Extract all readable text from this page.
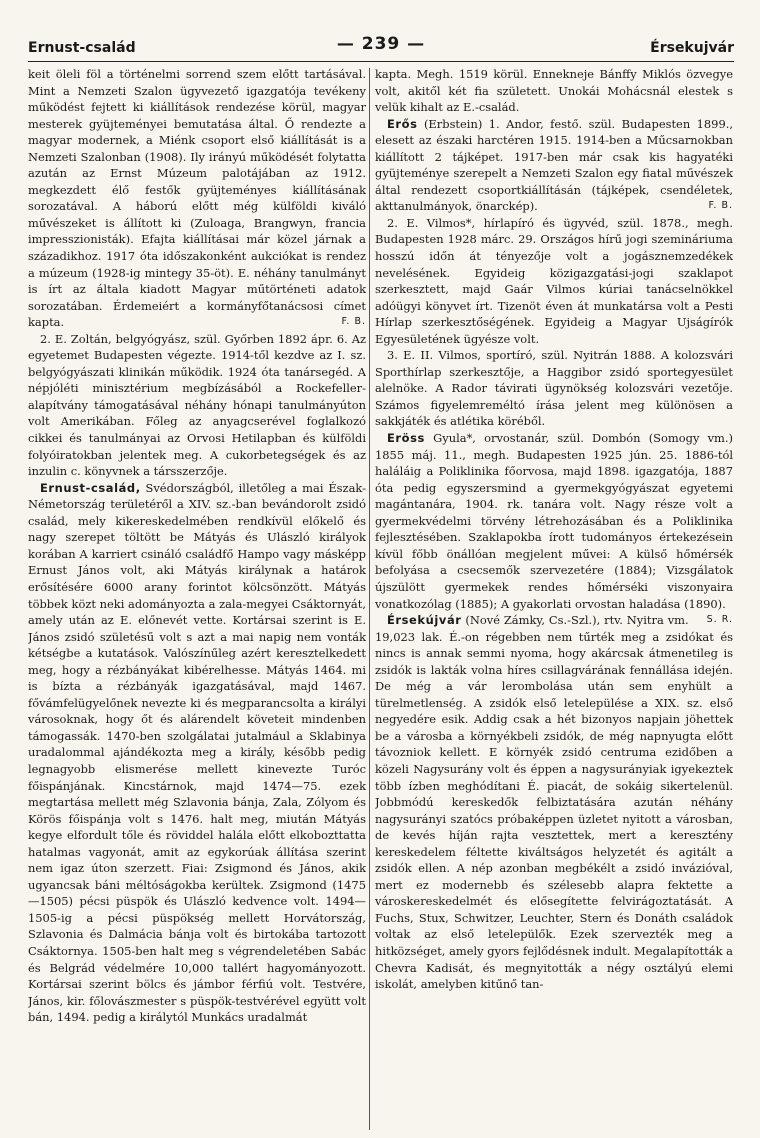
Ernust-család	— 239 —	Érsekujvár

keit öleli föl a történelmi sorrend szem előtt tartásával. Mint a Nemzeti Szalon ügyvezető igazgatója tevékeny működést fejtett ki kiállítások rendezése körül, magyar mesterek gyüjteményei bemutatása által. Ő rendezte a magyar modernek, a Miénk csoport első kiállítását is a Nemzeti Szalonban (1908). Ily irányú működését folytatta azután az Ernst Múzeum palotájában az 1912. megkezdett élő festők gyüjteményes kiállításának sorozatával. A háború előtt még külföldi kiváló művészeket is állított ki (Zuloaga, Brangwyn, francia impresszionisták). Efajta kiállításai már közel járnak a századikhoz. 1917 óta időszakonként aukciókat is rendez a múzeum (1928-ig mintegy 35-öt). E. néhány tanulmányt is írt az általa kiadott Magyar műtörténeti adatok sorozatában. Érdemeiért a kormányfőtanácsosi címet kapta.	F. B.

2. E. Zoltán, belgyógyász, szül. Győrben 1892 ápr. 6. Az egyetemet Budapesten végezte. 1914-től kezdve az I. sz. belgyógyászati klinikán működik. 1924 óta tanársegéd. A népjóléti minisztérium megbízásából a Rockefeller-alapítvány támogatásával néhány hónapi tanulmányúton volt Amerikában. Főleg az anyagcserével foglalkozó cikkei és tanulmányai az Orvosi Hetilapban és külföldi folyóiratokban jelentek meg. A cukorbetegségek és az inzulin c. könyvnek a társszerzője.

Ernust-család, Svédországból, illetőleg a mai Észak-Németország területéről a XIV. sz.-ban bevándorolt zsidó család, mely kikereskedelmében rendkívül előkelő és nagy szerepet töltött be Mátyás és Ulászló királyok korában A karriert csináló családfő Hampo vagy másképp Ernust János volt, aki Mátyás királynak a határok erősítésére 6000 arany forintot kölcsönzött. Mátyás többek közt neki adományozta a zala-megyei Csáktornyát, amely után az E. előnevét vette. Kortársai szerint is E. János zsidó születésű volt s azt a mai napig nem vonták kétségbe a kutatások. Valószínűleg azért keresztelkedett meg, hogy a rézbányákat kibérelhesse. Mátyás 1464. mi is bízta a rézbányák igazgatásával, majd 1467. fővámfelügyelőnek nevezte ki és megparancsolta a királyi városoknak, hogy őt és alárendelt követeit mindenben támogassák. 1470-ben szolgálatai jutalmául a Sklabinya uradalommal ajándékozta meg a király, később pedig legnagyobb elismerése mellett kinevezte Turóc főispánjának. Kincstárnok, majd 1474—75. ezek megtartása mellett még Szlavonia bánja, Zala, Zólyom és Körös főispánja volt s 1476. halt meg, miután Mátyás kegye elfordult tőle és röviddel halála előtt elkobozttatta hatalmas vagyonát, amit az egykorúak állítása szerint nem igaz úton szerzett. Fiai: Zsigmond és János, akik ugyancsak báni méltóságokba kerültek. Zsigmond (1475—1505) pécsi püspök és Ulászló kedvence volt. 1494—1505-ig a pécsi püspökség mellett Horvátország, Szlavonia és Dalmácia bánja volt és birtokába tartozott Csáktornya. 1505-ben halt meg s végrendeletében Sabác és Belgrád védelmére 10,000 tallért hagyományozott. Kortársai szerint bölcs és jámbor férfiú volt. Testvére, János, kir. főlovászmester s püspök-testvérével együtt volt bán, 1494. pedig a királytól Munkács uradalmát

kapta. Megh. 1519 körül. Enneknejе Bánffy Miklós özvegye volt, akitől két fia született. Unokái Mohácsnál elestek s velük kihalt az E.-család.

Erős (Erbstein) 1. Andor, festő. szül. Budapesten 1899., elesett az északi harctéren 1915. 1914-ben a Műcsarnokban kiállított 2 tájképet. 1917-ben már csak kis hagyatéki gyüjteménye szerepelt a Nemzeti Szalon egy fiatal művészek által rendezett csoportkiállításán (tájképek, csendéletek, akttanulmányok, önarckép).	F. B.

2. E. Vilmos*, hírlapíró és ügyvéd, szül. 1878., megh. Budapesten 1928 márc. 29. Országos hírű jogi szemináriuma hosszú időn át tényezője volt a jogásznemzedékek nevelésének. Egyideig közigazgatási-jogi szaklapot szerkesztett, majd Gaár Vilmos kúriai tanácselnökkel adóügyi könyvet írt. Tizenöt éven át munkatársa volt a Pesti Hírlap szerkesztőségének. Egyideig a Magyar Ujságírók Egyesületének ügyésze volt.

3. E. II. Vilmos, sportíró, szül. Nyitrán 1888. A kolozsvári Sporthírlap szerkesztője, a Haggibor zsidó sportegyesület alelnöke. A Rador távirati ügynökség kolozsvári vezetője. Számos figyelemreméltó írása jelent meg különösen a sakkjáték és atlétika köréből.

Eröss Gyula*, orvostanár, szül. Dombón (Somogy vm.) 1855 máj. 11., megh. Budapesten 1925 jún. 25. 1886-tól haláláig a Poliklinika főorvosa, majd 1898. igazgatója, 1887 óta pedig egyszersmind a gyermekgyógyászat egyetemi magántanára, 1904. rk. tanára volt. Nagy része volt a gyermekvédelmi törvény létrehozásában és a Poliklinika fejlesztésében. Szaklapokba írott tudományos értekezésein kívül főbb önállóan megjelent művei: A külső hőmérsék befolyása a csecsemők szervezetére (1884); Vizsgálatok újszülött gyermekek rendes hőmérséki viszonyaira vonatkozólag (1885); A gyakorlati orvostan haladása (1890).
S. R.

Érsekújvár (Nové Zámky, Cs.-Szl.), rtv. Nyitra vm. 19,023 lak. É.-on régebben nem tűrték meg a zsidókat és nincs is annak semmi nyoma, hogy akárcsak átmenetileg is zsidók is lakták volna híres csillagvárának fennállása idején. De még a vár lerombolása után sem enyhült a türelmetlenség. A zsidók első letelepülése a XIX. sz. első negyedére esik. Addig csak a hét bizonyos napjain jöhettek be a városba a környékbeli zsidók, de még napnyugta előtt távozniok kellett. E környék zsidó centruma ezidőben a közeli Nagysurány volt és éppen a nagysurányiak igyekeztek több ízben meghódítani É. piacát, de sokáig sikertelenül. Jobbmódú kereskedők felbiztatására azután néhány nagysurányi szatócs próbaképpen üzletet nyitott a városban, de kevés híján rajta vesztettek, mert a keresztény kereskedelem féltette kiváltságos helyzetét és agitált a zsidók ellen. A nép azonban megbékélt a zsidó invázióval, mert ez modernebb és szélesebb alapra fektette a városkereskedelmét és elősegítette felvirágoztatását. A Fuchs, Stux, Schwitzer, Leuchter, Stern és Donáth családok voltak az első letelepülők. Ezek szervezték meg a hitközséget, amely gyors fejlődésnek indult. Megalapították a Chevra Kadisát, és megnyitották a négy osztályú elemi iskolát, amelyben kitűnő tan-
